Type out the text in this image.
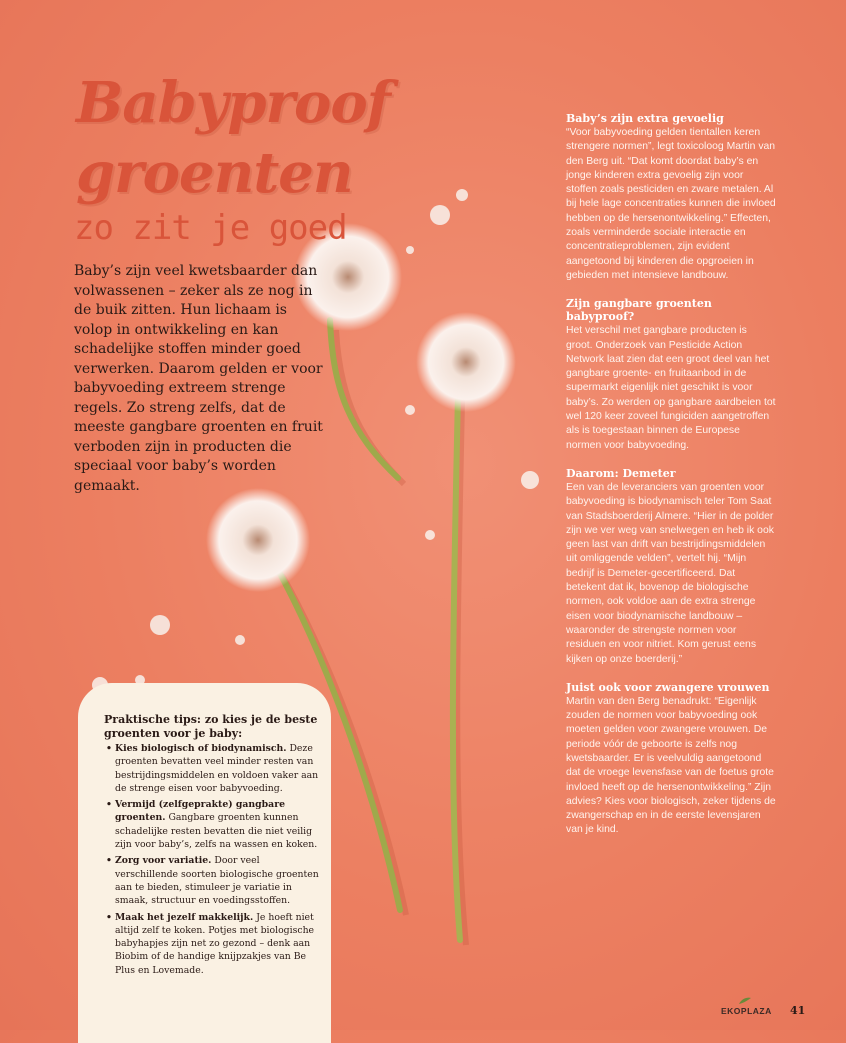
Babyproof
groenten
zo zit je goed
Baby’s zijn veel kwetsbaarder dan volwassenen – zeker als ze nog in de buik zitten. Hun lichaam is volop in ontwikkeling en kan schadelijke stoffen minder goed verwerken. Daarom gelden er voor babyvoeding extreem strenge regels. Zo streng zelfs, dat de meeste gangbare groenten en fruit verboden zijn in producten die speciaal voor baby’s worden gemaakt.
Baby’s zijn extra gevoelig
“Voor babyvoeding gelden tientallen keren strengere normen”, legt toxicoloog Martin van den Berg uit. “Dat komt doordat baby’s en jonge kinderen extra gevoelig zijn voor stoffen zoals pesticiden en zware metalen. Al bij hele lage concentraties kunnen die invloed hebben op de hersenontwikkeling.” Effecten, zoals verminderde sociale interactie en concentratieproblemen, zijn evident aangetoond bij kinderen die opgroeien in gebieden met intensieve landbouw.
Zijn gangbare groenten babyproof?
Het verschil met gangbare producten is groot. Onderzoek van Pesticide Action Network laat zien dat een groot deel van het gangbare groente- en fruitaanbod in de supermarkt eigenlijk niet geschikt is voor baby’s. Zo werden op gangbare aardbeien tot wel 120 keer zoveel fungiciden aangetroffen als is toegestaan binnen de Europese normen voor babyvoeding.
Daarom: Demeter
Een van de leveranciers van groenten voor babyvoeding is biodynamisch teler Tom Saat van Stadsboerderij Almere. “Hier in de polder zijn we ver weg van snelwegen en heb ik ook geen last van drift van bestrijdingsmiddelen uit omliggende velden”, vertelt hij. “Mijn bedrijf is Demeter-gecertificeerd. Dat betekent dat ik, bovenop de biologische normen, ook voldoe aan de extra strenge eisen voor biodynamische landbouw – waaronder de strengste normen voor residuen en voor nitriet. Kom gerust eens kijken op onze boerderij.”
Juist ook voor zwangere vrouwen
Martin van den Berg benadrukt: “Eigenlijk zouden de normen voor babyvoeding ook moeten gelden voor zwangere vrouwen. De periode vóór de geboorte is zelfs nog kwetsbaarder. Er is veelvuldig aangetoond dat de vroege levensfase van de foetus grote invloed heeft op de hersenontwikkeling.” Zijn advies? Kies voor biologisch, zeker tijdens de zwangerschap en in de eerste levensjaren van je kind.
Praktische tips: zo kies je de beste groenten voor je baby:
• Kies biologisch of biodynamisch. Deze groenten bevatten veel minder resten van bestrijdingsmiddelen en voldoen vaker aan de strenge eisen voor babyvoeding.
• Vermijd (zelfgeprakte) gangbare groenten. Gangbare groenten kunnen schadelijke resten bevatten die niet veilig zijn voor baby’s, zelfs na wassen en koken.
• Zorg voor variatie. Door veel verschillende soorten biologische groenten aan te bieden, stimuleer je variatie in smaak, structuur en voedingsstoffen.
• Maak het jezelf makkelijk. Je hoeft niet altijd zelf te koken. Potjes met biologische babyhapjes zijn net zo gezond – denk aan Biobim of de handige knijpzakjes van Be Plus en Lovemade.
EKOPLAZA 41
